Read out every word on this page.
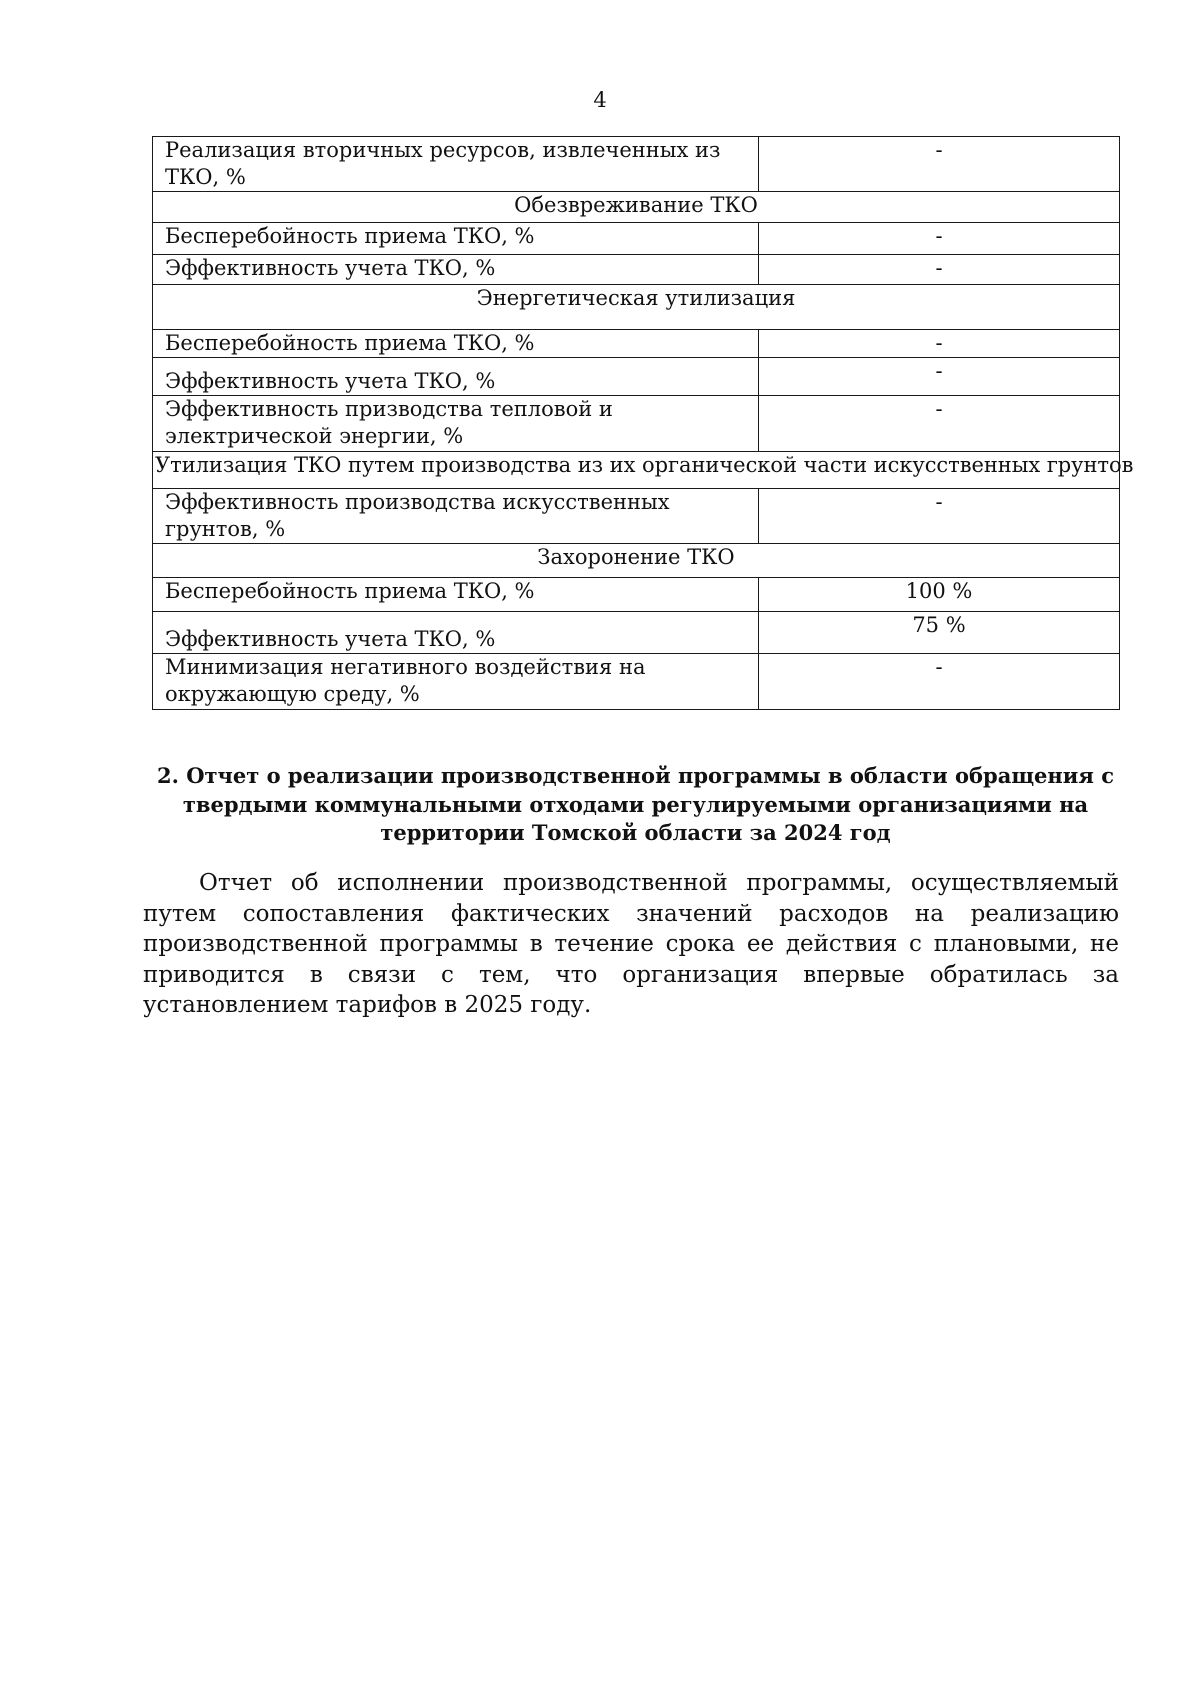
4
Реализация вторичных ресурсов, извлеченных из ТКО, %	-
Обезвреживание ТКО	
Бесперебойность приема ТКО, %	-
Эффективность учета ТКО, %	-
Энергетическая утилизация	
Бесперебойность приема ТКО, %	-
Эффективность учета ТКО, %	-
Эффективность призводства тепловой и электрической энергии, %	-
Утилизация ТКО путем производства из их органической части искусственных грунтов	
Эффективность производства искусственных грунтов, %	-
Захоронение ТКО	
Бесперебойность приема ТКО, %	100 %
Эффективность учета ТКО, %	75 %
Минимизация негативного воздействия на окружающую среду, %	-
2. Отчет о реализации производственной программы в области обращения с твердыми коммунальными отходами регулируемыми организациями на территории Томской области за 2024 год

Отчет об исполнении производственной программы, осуществляемый путем сопоставления фактических значений расходов на реализацию производственной программы в течение срока ее действия с плановыми, не приводится в связи с тем, что организация впервые обратилась за установлением тарифов в 2025 году.
